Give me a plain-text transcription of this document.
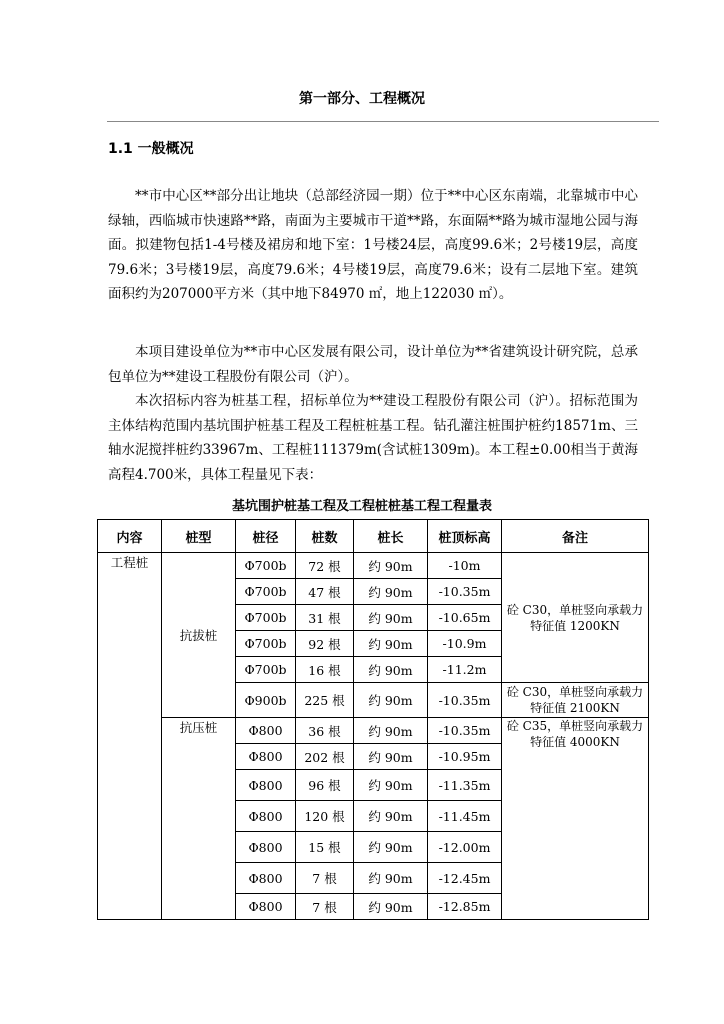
第一部分、工程概况
1.1 一般概况
**市中心区**部分出让地块（总部经济园一期）位于**中心区东南端，北靠城市中心绿轴，西临城市快速路**路，南面为主要城市干道**路，东面隔**路为城市湿地公园与海面。拟建物包括1-4号楼及裙房和地下室：1号楼24层，高度99.6米；2号楼19层，高度79.6米；3号楼19层，高度79.6米；4号楼19层，高度79.6米；设有二层地下室。建筑面积约为207000平方米（其中地下84970 ㎡，地上122030 ㎡）。
本项目建设单位为**市中心区发展有限公司，设计单位为**省建筑设计研究院，总承包单位为**建设工程股份有限公司（沪）。
本次招标内容为桩基工程，招标单位为**建设工程股份有限公司（沪）。招标范围为主体结构范围内基坑围护桩基工程及工程桩桩基工程。钻孔灌注桩围护桩约18571m、三轴水泥搅拌桩约33967m、工程桩111379m(含试桩1309m)。本工程±0.00相当于黄海高程4.700米，具体工程量见下表：
基坑围护桩基工程及工程桩桩基工程工程量表
内容	桩型	桩径	桩数	桩长	桩顶标高	备注
工程桩	抗拔桩	Φ700b	72 根	约 90m	-10m	砼 C30，单桩竖向承载力特征值 1200KN
		Φ700b	47 根	约 90m	-10.35m	
		Φ700b	31 根	约 90m	-10.65m	
		Φ700b	92 根	约 90m	-10.9m	
		Φ700b	16 根	约 90m	-11.2m	
		Φ900b	225 根	约 90m	-10.35m	砼 C30，单桩竖向承载力特征值 2100KN
	抗压桩	Φ800	36 根	约 90m	-10.35m	砼 C35，单桩竖向承载力特征值 4000KN
		Φ800	202 根	约 90m	-10.95m	
		Φ800	96 根	约 90m	-11.35m	
		Φ800	120 根	约 90m	-11.45m	
		Φ800	15 根	约 90m	-12.00m	
		Φ800	7 根	约 90m	-12.45m	
		Φ800	7 根	约 90m	-12.85m	
